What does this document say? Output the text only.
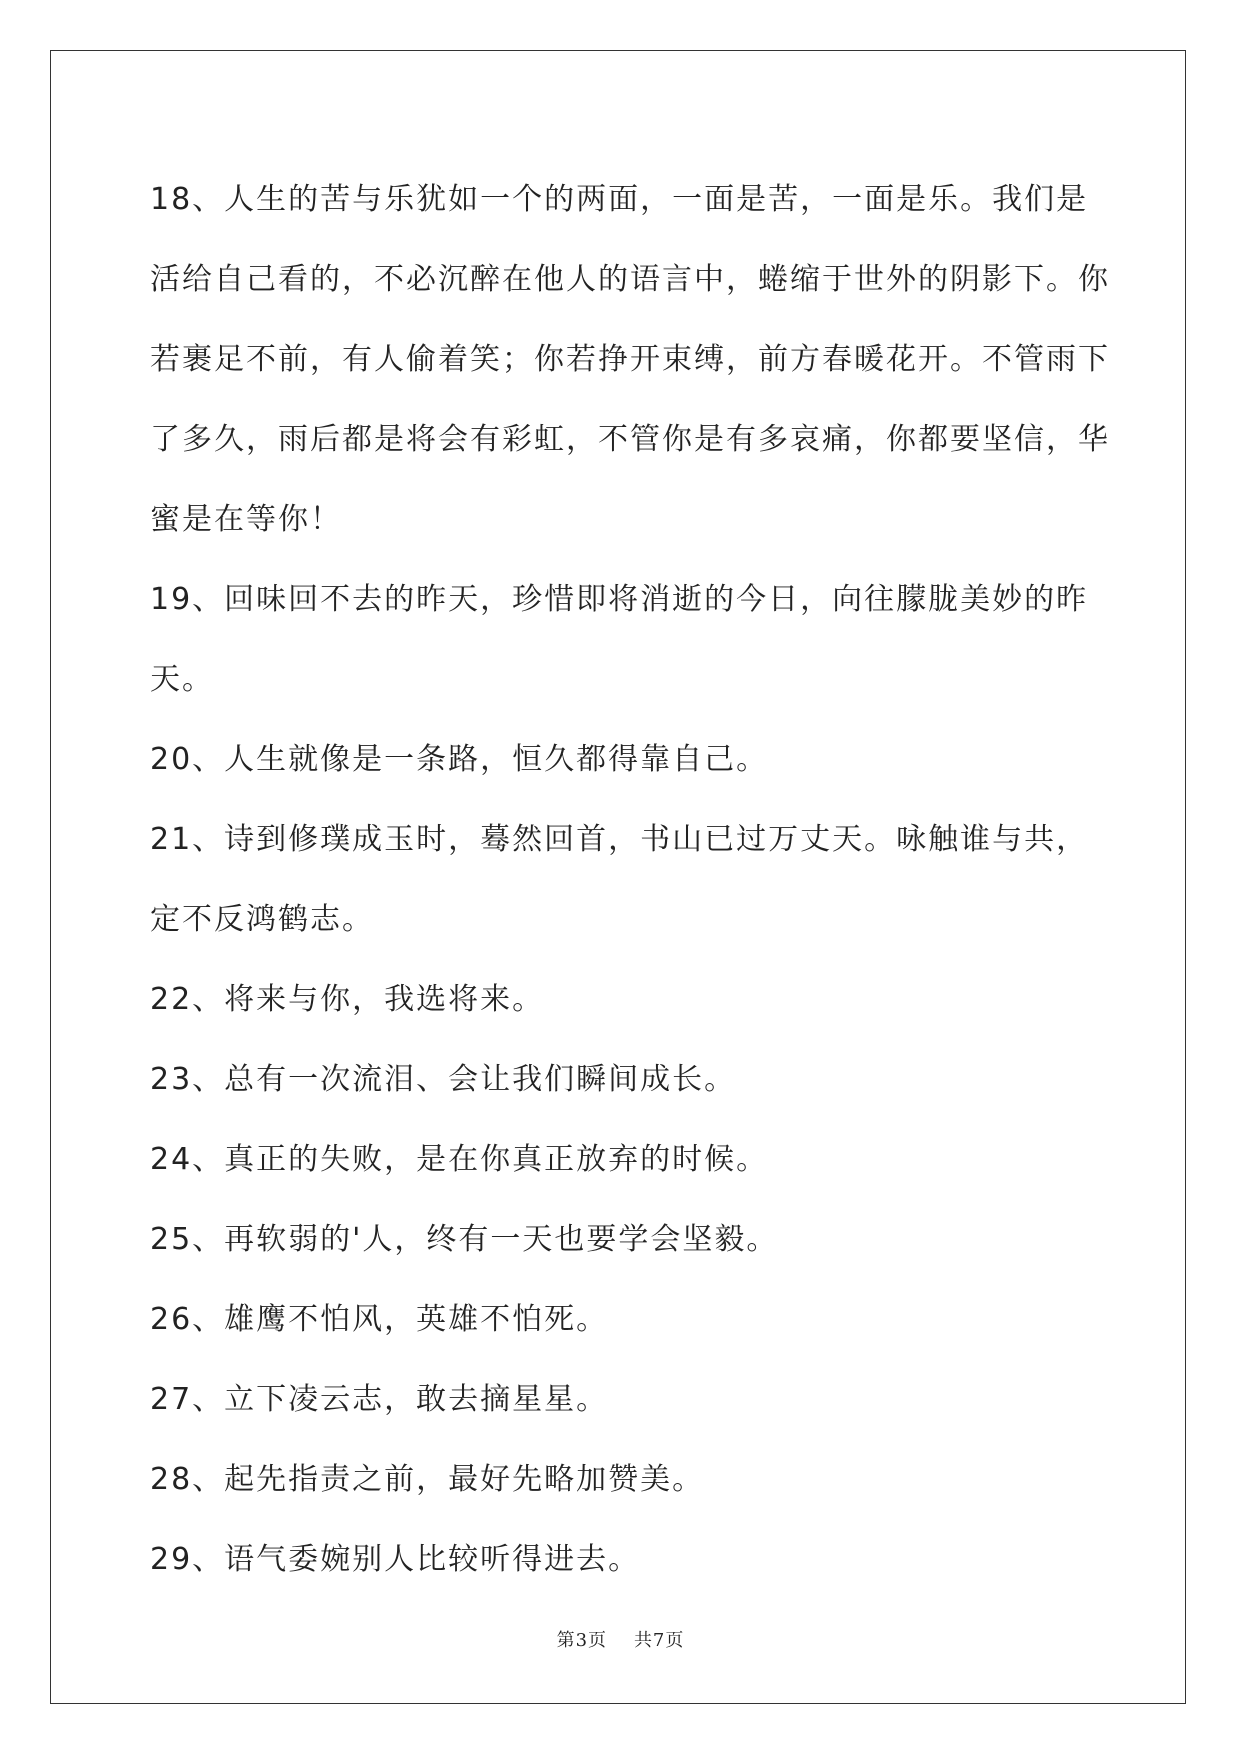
18、人生的苦与乐犹如一个的两面，一面是苦，一面是乐。我们是活给自己看的，不必沉醉在他人的语言中，蜷缩于世外的阴影下。你若裹足不前，有人偷着笑；你若挣开束缚，前方春暖花开。不管雨下了多久，雨后都是将会有彩虹，不管你是有多哀痛，你都要坚信，华蜜是在等你！

19、回味回不去的昨天，珍惜即将消逝的今日，向往朦胧美妙的昨天。

20、人生就像是一条路，恒久都得靠自己。

21、诗到修璞成玉时，蓦然回首，书山已过万丈天。咏触谁与共，定不反鸿鹤志。

22、将来与你，我选将来。

23、总有一次流泪、会让我们瞬间成长。

24、真正的失败，是在你真正放弃的时候。

25、再软弱的'人，终有一天也要学会坚毅。

26、雄鹰不怕风，英雄不怕死。

27、立下凌云志，敢去摘星星。

28、起先指责之前，最好先略加赞美。

29、语气委婉别人比较听得进去。

第3页 共7页
